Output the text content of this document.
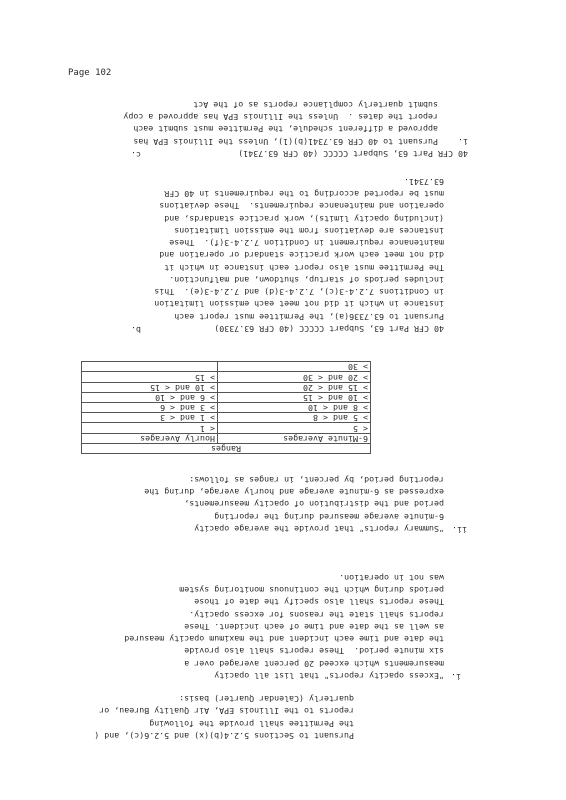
Page 102
Pursuant to Sections 5.2.4(b)(x) and 5.2.6(c), and (
the Permittee shall provide the following
reports to the Illinois EPA, Air Quality Bureau, or
quarterly (Calendar Quarter) basis:
i.
"Excess opacity reports" that list all opacity
measurements which exceed 20 percent averaged over a
six minute period.  These reports shall also provide
the date and time each incident and the maximum opacity measured
as well as the date and time of each incident. These
reports shall state the reasons for excess opacity.
These reports shall also specify the date of those
periods during which the continuous monitoring system
was not in operation.
ii.
"Summary reports" that provide the average opacity
6-minute average measured during the reporting
period and the distribution of opacity measurements,
expressed as 6-minute average and hourly average, during the
reporting period, by percent, in ranges as follows:
Ranges	
6-Minute Averages	Hourly Averages
< 5	< 1
> 5 and < 8	> 1 and < 3
> 8 and < 10	> 3 and < 6
> 10 and < 15	> 6 and < 10
> 15 and < 20	> 10 and < 15
> 20 and < 30	> 15
> 30	
b.	40 CFR Part 63, Subpart CCCCC (40 CFR 63.7330)
Pursuant to 63.7336(a), the Permittee must report each
instance in which it did not meet each emission limitation
in Conditions 7.2.4-3(c), 7.2.4-3(d) and 7.2.4-3(e).  This
includes periods of startup, shutdown, and malfunction.
The Permittee must also report each instance in which it
did not meet each work practice standard or operation and
maintenance requirement in Condition 7.2.4-3(f).  These
instances are deviations from the emission limitations
(including opacity limits), work practice standards, and
operation and maintenance requirements.  These deviations
must be reported according to the requirements in 40 CFR
63.7341.
c.	40 CFR Part 63, Subpart CCCCC (40 CFR 63.7341)
i.    Pursuant to 40 CFR 63.7341(b)(1), Unless the Illinois EPA has
approved a different schedule, the Permittee must submit each
report the dates .  Unless the Illinois EPA has approved a copy
submit quarterly compliance reports as of the Act
